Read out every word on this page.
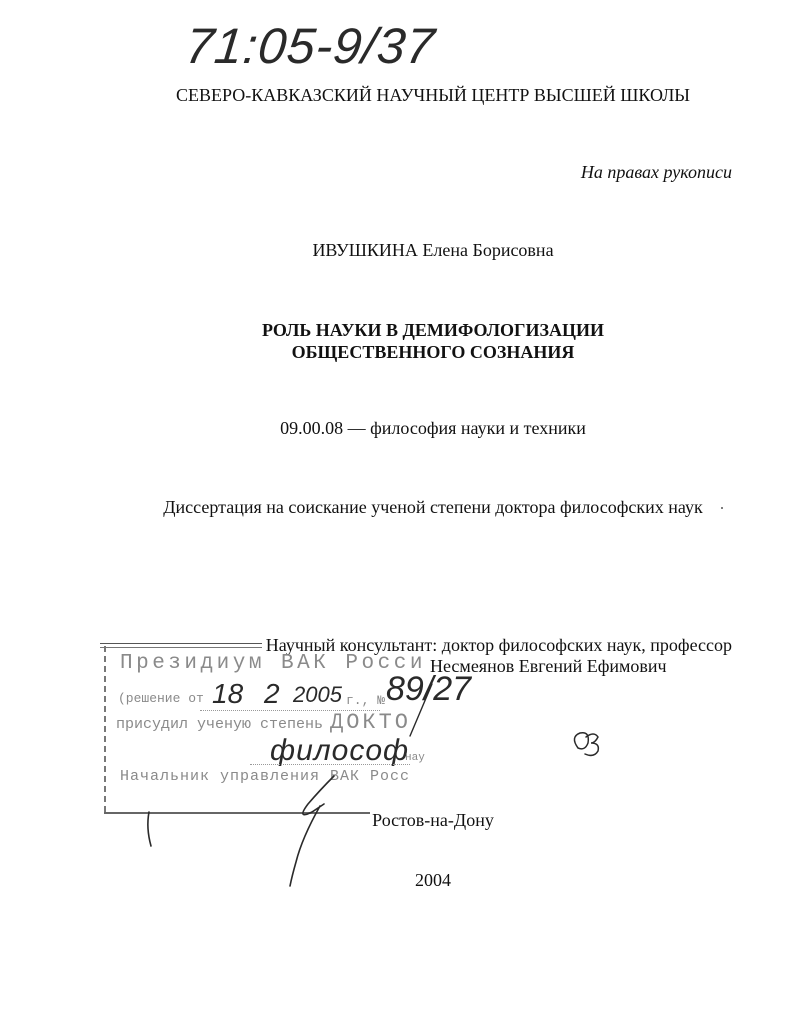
71:05-9/37
СЕВЕРО-КАВКАЗСКИЙ НАУЧНЫЙ ЦЕНТР ВЫСШЕЙ ШКОЛЫ
На правах рукописи
ИВУШКИНА Елена Борисовна
РОЛЬ НАУКИ В ДЕМИФОЛОГИЗАЦИИ
ОБЩЕСТВЕННОГО СОЗНАНИЯ
09.00.08 — философия науки и техники
Диссертация на соискание ученой степени доктора философских наук
Научный консультант: доктор философских наук, профессор
Несмеянов Евгений Ефимович
Ростов-на-Дону
2004
Президиум ВАК Росси
(решение от 18 2 2005 г., № 89/27
присудил ученую степень ДОКТО
философ
нау
Начальник управления ВАК Росс
